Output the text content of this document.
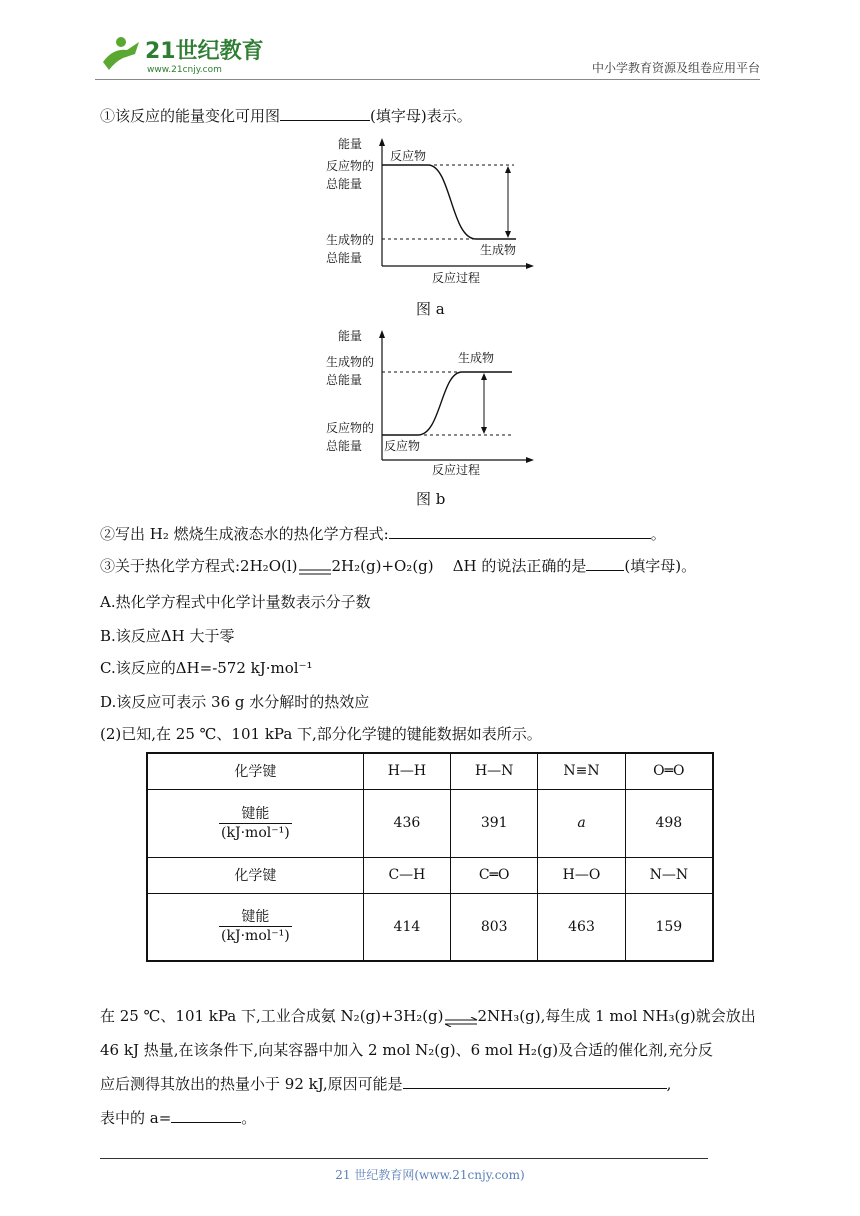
21世纪教育
www.21cnjy.com	中小学教育资源及组卷应用平台
①该反应的能量变化可用图	(填字母)表示。
能量
反应物的
总能量
生成物的
总能量
反应物
生成物
反应过程
图 a
能量
生成物的
总能量
反应物的
总能量
生成物
反应物
反应过程
图 b
②写出 H₂ 燃烧生成液态水的热化学方程式:	。
③关于热化学方程式:2H₂O(l) 2H₂(g)+O₂(g) ΔH 的说法正确的是	(填字母)。
A.热化学方程式中化学计量数表示分子数
B.该反应ΔH 大于零
C.该反应的ΔH=-572 kJ·mol⁻¹
D.该反应可表示 36 g 水分解时的热效应
(2)已知,在 25 ℃、101 kPa 下,部分化学键的键能数据如表所示。
化学键	H—H	H—N	N≡N	O═O

$\frac{\text{键能}}{\text{(kJ·mol⁻¹)}}$	436	391	a	498
化学键	C—H	C═O	H—O	N—N

$\frac{\text{键能}}{\text{(kJ·mol⁻¹)}}$	414	803	463	159
在 25 ℃、101 kPa 下,工业合成氨 N₂(g)+3H₂(g)⇌2NH₃(g),每生成 1 mol NH₃(g)就会放出
46 kJ 热量,在该条件下,向某容器中加入 2 mol N₂(g)、6 mol H₂(g)及合适的催化剂,充分反
应后测得其放出的热量小于 92 kJ,原因可能是	,
表中的 a=	。
21 世纪教育网(www.21cnjy.com)
